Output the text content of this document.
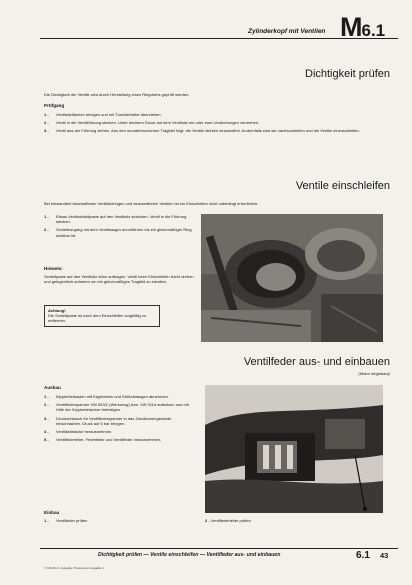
Zylinderkopf mit Ventilen M6.1
Dichtigkeit prüfen
Die Dichtigkeit der Ventile wird durch Herstellung eines Ringdrehs geprüft werden.
Prüfgang
1 - Ventilsitzflächen reinigen und mit Tuschierfarbe überziehen.
2 - Ventil in die Ventilführung stecken. Unter leichtem Druck auf dem Ventilsitz ein oder zwei Umdrehungen verdrehen.
3 - Ventil aus der Führung ziehen. Aus den ununterbrochenen Tragbild folgt: die Ventile dichten einwandfrei. Andernfalls sind sie nachzuarbeiten und die Ventile einzuschleifen.
Ventile einschleifen
Bei einwandfrei beschaffenen Ventilsitzringen und einwandfreien Ventilen ist ein Einschleifen nicht unbedingt erforderlich.
1 - Etwas Ventilschleifpaste auf den Ventilsitz streichen. Ventil in die Führung stecken.
2 - Schleifvorgang mit dem Ventilsauger durchführen bis ein gleichmäßiger Ring sichtbar ist.
Hinweis:
Schleifpaste auf den Ventilsitz dünn auftragen. Ventil beim Einschleifen leicht drehen und gelegentlich anheben um ein gleichmäßiges Tragbild zu erhalten.
Achtung!
Die Schleifpaste ist nach dem Einschleifen sorgfältig zu entfernen.
Ventilfeder aus- und einbauen
(Motor eingebaut)
Ausbau
1 - Kipphebelkasten mit Kipphebeln und Stößelstangen abnehmen.
2 - Ventilfederspanner VW 653/2 (Werkzeug) bzw. VW 311d aufsetzen und mit Hilfe der Kipphebelachse befestigen.
3 - Druckschlauch für Ventilfederspanner in das Zündkerzengewinde einschrauben. Druck auf 6 bar bringen.
4 - Ventilkeilstücke herausnehmen.
5 - Ventilfederteller, Federteller und Ventilfeder herausnehmen.
Einbau
1 - Ventilfeder prüfen	2 - Ventilfederteller prüfen
Dichtigkeit prüfen — Ventile einschleifen — Ventilfeder aus- und einbauen	6.1 43
© VW AG 4. Ausgabe Transporter Ausgabe 1
